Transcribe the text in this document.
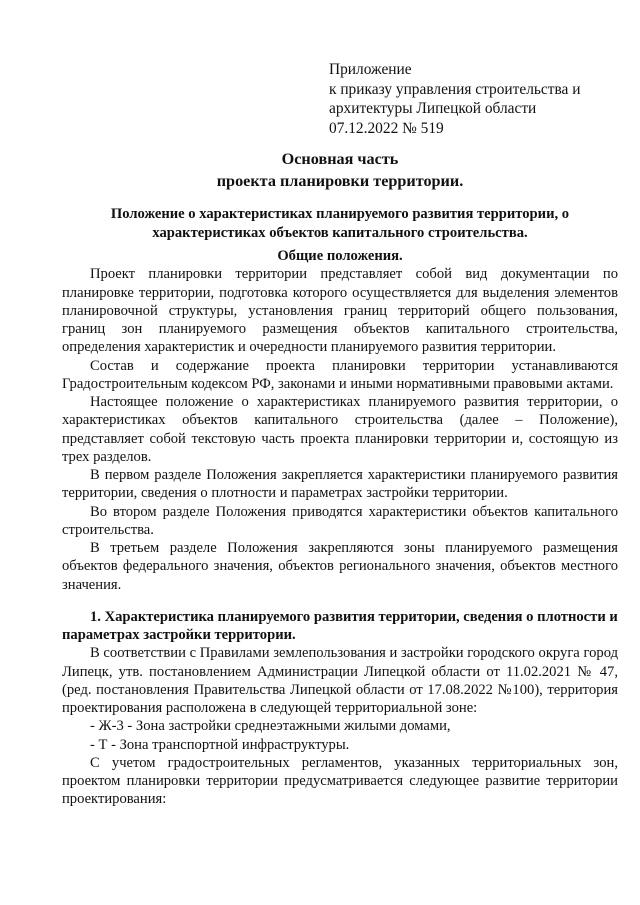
Приложение
к приказу управления строительства и
архитектуры Липецкой области
07.12.2022 № 519
Основная часть
проекта планировки территории.
Положение о характеристиках планируемого развития территории, о
характеристиках объектов капитального строительства.

Общие положения.

Проект планировки территории представляет собой вид документации по планировке территории, подготовка которого осуществляется для выделения элементов планировочной структуры, установления границ территорий общего пользования, границ зон планируемого размещения объектов капитального строительства, определения характеристик и очередности планируемого развития территории.

Состав и содержание проекта планировки территории устанавливаются Градостроительным кодексом РФ, законами и иными нормативными правовыми актами.

Настоящее положение о характеристиках планируемого развития территории, о характеристиках объектов капитального строительства (далее – Положение), представляет собой текстовую часть проекта планировки территории и, состоящую из трех разделов.

В первом разделе Положения закрепляется характеристики планируемого развития территории, сведения о плотности и параметрах застройки территории.

Во втором разделе Положения приводятся характеристики объектов капитального строительства.

В третьем разделе Положения закрепляются зоны планируемого размещения объектов федерального значения, объектов регионального значения, объектов местного значения.

1. Характеристика планируемого развития территории, сведения о плотности и параметрах застройки территории.

В соответствии с Правилами землепользования и застройки городского округа город Липецк, утв. постановлением Администрации Липецкой области от 11.02.2021 № 47, (ред. постановления Правительства Липецкой области от 17.08.2022 №100), территория проектирования расположена в следующей территориальной зоне:

- Ж-3 - Зона застройки среднеэтажными жилыми домами,

- Т - Зона транспортной инфраструктуры.

С учетом градостроительных регламентов, указанных территориальных зон, проектом планировки территории предусматривается следующее развитие территории проектирования:
